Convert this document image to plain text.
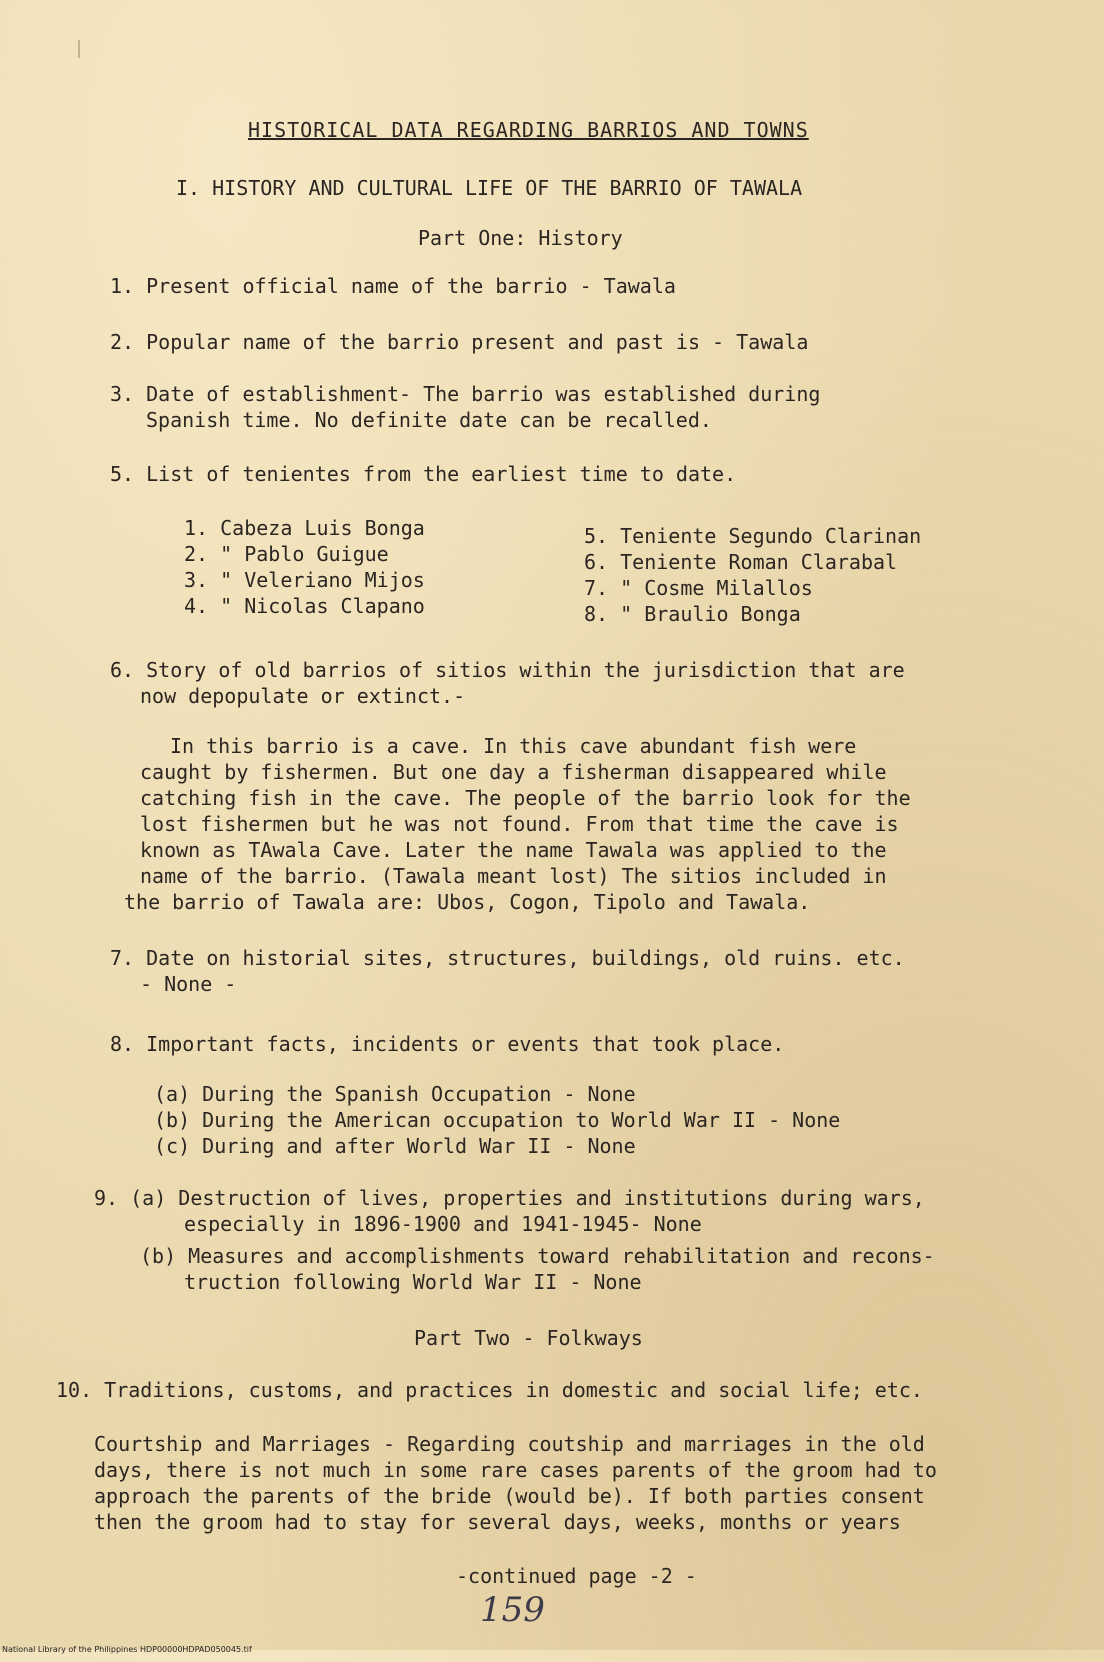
HISTORICAL DATA REGARDING BARRIOS AND TOWNS
I. HISTORY AND CULTURAL LIFE OF THE BARRIO OF TAWALA
Part One: History
1. Present official name of the barrio - Tawala
2. Popular name of the barrio present and past is - Tawala
3. Date of establishment- The barrio was established during
Spanish time. No definite date can be recalled.
5. List of tenientes from the earliest time to date.
1. Cabeza Luis Bonga
2. " Pablo Guigue
3. " Veleriano Mijos
4. " Nicolas Clapano
5. Teniente Segundo Clarinan
6. Teniente Roman Clarabal
7. " Cosme Milallos
8. " Braulio Bonga
6. Story of old barrios of sitios within the jurisdiction that are
now depopulate or extinct.-
In this barrio is a cave. In this cave abundant fish were
caught by fishermen. But one day a fisherman disappeared while
catching fish in the cave. The people of the barrio look for the
lost fishermen but he was not found. From that time the cave is
known as TAwala Cave. Later the name Tawala was applied to the
name of the barrio. (Tawala meant lost) The sitios included in
the barrio of Tawala are: Ubos, Cogon, Tipolo and Tawala.
7. Date on historial sites, structures, buildings, old ruins. etc.
- None -
8. Important facts, incidents or events that took place.
(a) During the Spanish Occupation - None
(b) During the American occupation to World War II - None
(c) During and after World War II - None
9. (a) Destruction of lives, properties and institutions during wars,
especially in 1896-1900 and 1941-1945- None
(b) Measures and accomplishments toward rehabilitation and recons-
truction following World War II - None
Part Two - Folkways
10. Traditions, customs, and practices in domestic and social life; etc.
Courtship and Marriages - Regarding coutship and marriages in the old
days, there is not much in some rare cases parents of the groom had to
approach the parents of the bride (would be). If both parties consent
then the groom had to stay for several days, weeks, months or years
-continued page -2 -
159
National Library of the Philippines HDP00000HDPAD050045.tif
